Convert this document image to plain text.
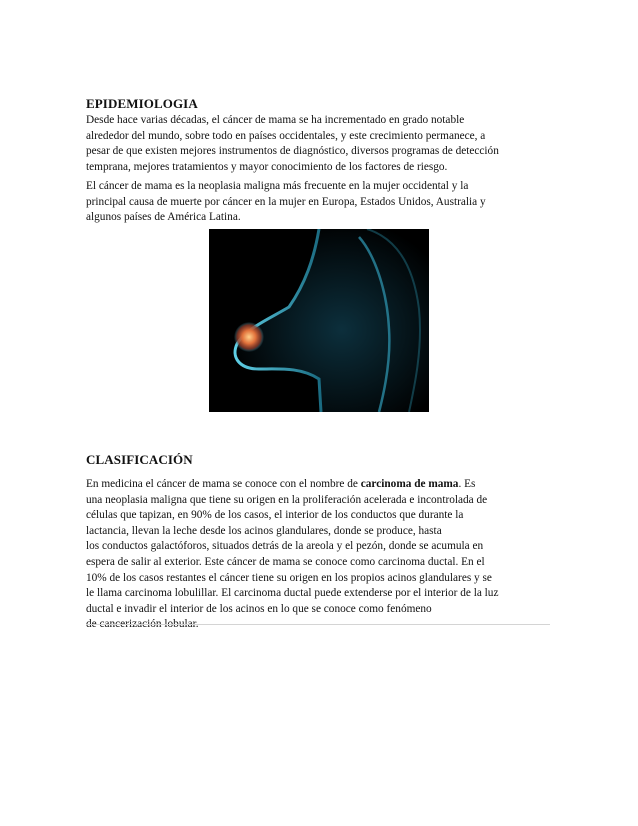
EPIDEMIOLOGIA

Desde hace varias décadas, el cáncer de mama se ha incrementado en grado notable
alrededor del mundo, sobre todo en países occidentales, y este crecimiento permanece, a
pesar de que existen mejores instrumentos de diagnóstico, diversos programas de detección
temprana, mejores tratamientos y mayor conocimiento de los factores de riesgo.

El cáncer de mama es la neoplasia maligna más frecuente en la mujer occidental y la
principal causa de muerte por cáncer en la mujer en Europa, Estados Unidos, Australia y
algunos países de América Latina.

CLASIFICACIÓN

En medicina el cáncer de mama se conoce con el nombre de carcinoma de mama. Es
una neoplasia maligna que tiene su origen en la proliferación acelerada e incontrolada de
células que tapizan, en 90% de los casos, el interior de los conductos que durante la
lactancia, llevan la leche desde los acinos glandulares, donde se produce, hasta
los conductos galactóforos, situados detrás de la areola y el pezón, donde se acumula en
espera de salir al exterior. Este cáncer de mama se conoce como carcinoma ductal. En el
10% de los casos restantes el cáncer tiene su origen en los propios acinos glandulares y se
le llama carcinoma lobulillar. El carcinoma ductal puede extenderse por el interior de la luz
ductal e invadir el interior de los acinos en lo que se conoce como fenómeno
de cancerización lobular.
